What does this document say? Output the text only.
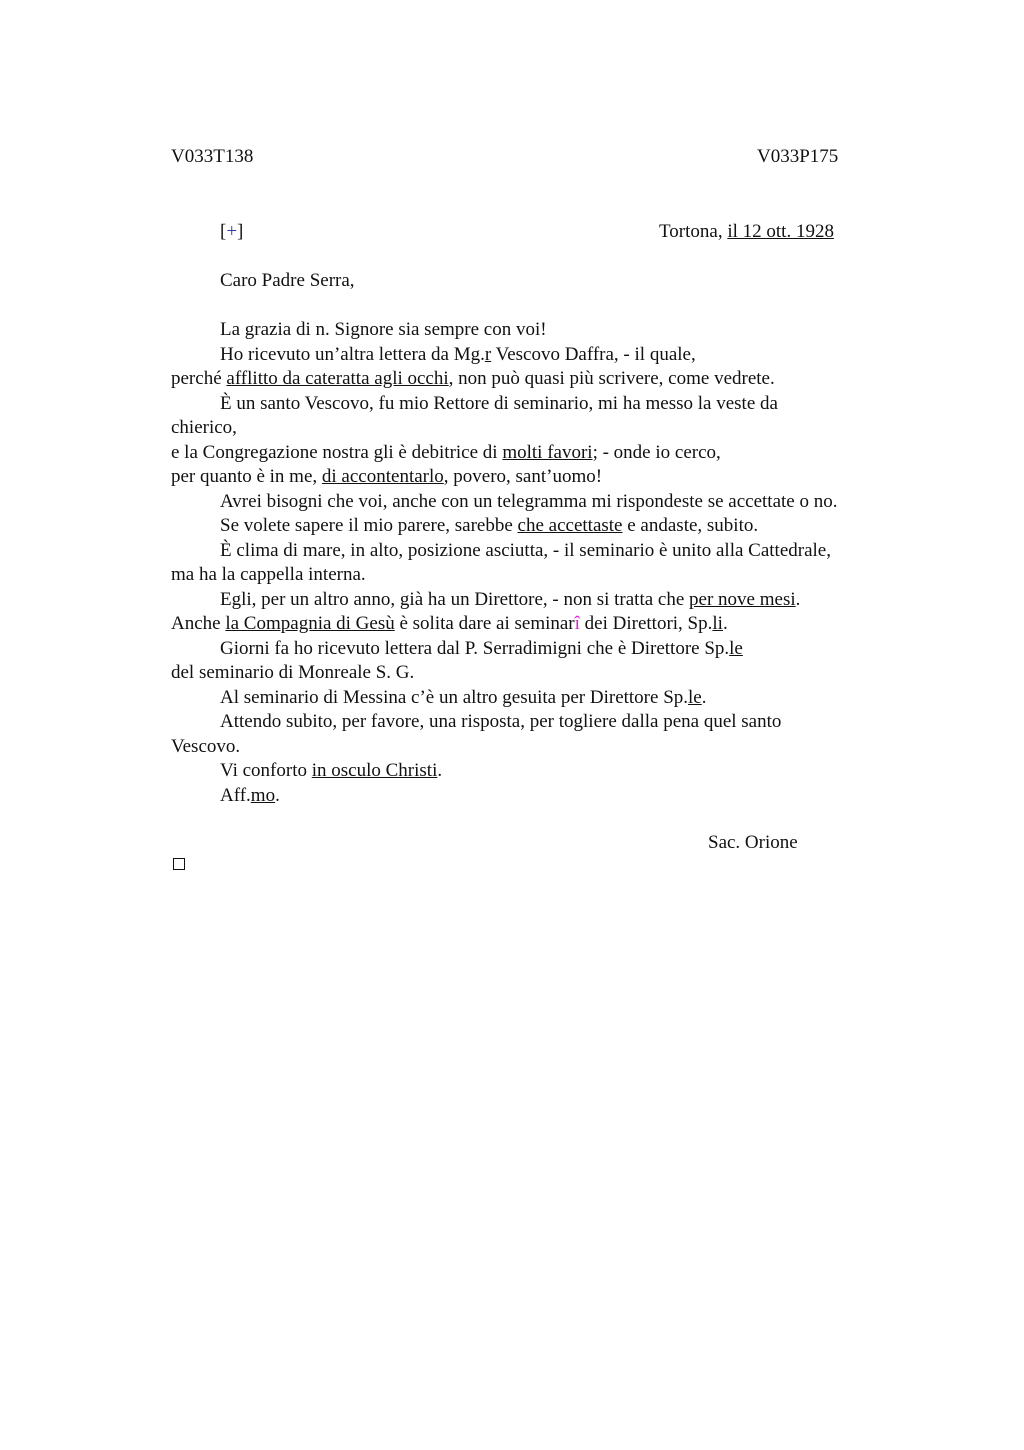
V033T138	V033P175
[+]	Tortona, il 12 ott. 1928
Caro Padre Serra,
La grazia di n. Signore sia sempre con voi!
Ho ricevuto un’altra lettera da Mg.r Vescovo Daffra, - il quale,
perché afflitto da cateratta agli occhi, non può quasi più scrivere, come vedrete.
È un santo Vescovo, fu mio Rettore di seminario, mi ha messo la veste da
chierico,
e la Congregazione nostra gli è debitrice di molti favori; - onde io cerco,
per quanto è in me, di accontentarlo, povero, sant’uomo!
Avrei bisogni che voi, anche con un telegramma mi rispondeste se accettate o no.
Se volete sapere il mio parere, sarebbe che accettaste e andaste, subito.
È clima di mare, in alto, posizione asciutta, - il seminario è unito alla Cattedrale,
ma ha la cappella interna.
Egli, per un altro anno, già ha un Direttore, - non si tratta che per nove mesi.
Anche la Compagnia di Gesù è solita dare ai seminarî dei Direttori, Sp.li.
Giorni fa ho ricevuto lettera dal P. Serradimigni che è Direttore Sp.le
del seminario di Monreale S. G.
Al seminario di Messina c’è un altro gesuita per Direttore Sp.le.
Attendo subito, per favore, una risposta, per togliere dalla pena quel santo
Vescovo.
Vi conforto in osculo Christi.
Aff.mo.
Sac. Orione
